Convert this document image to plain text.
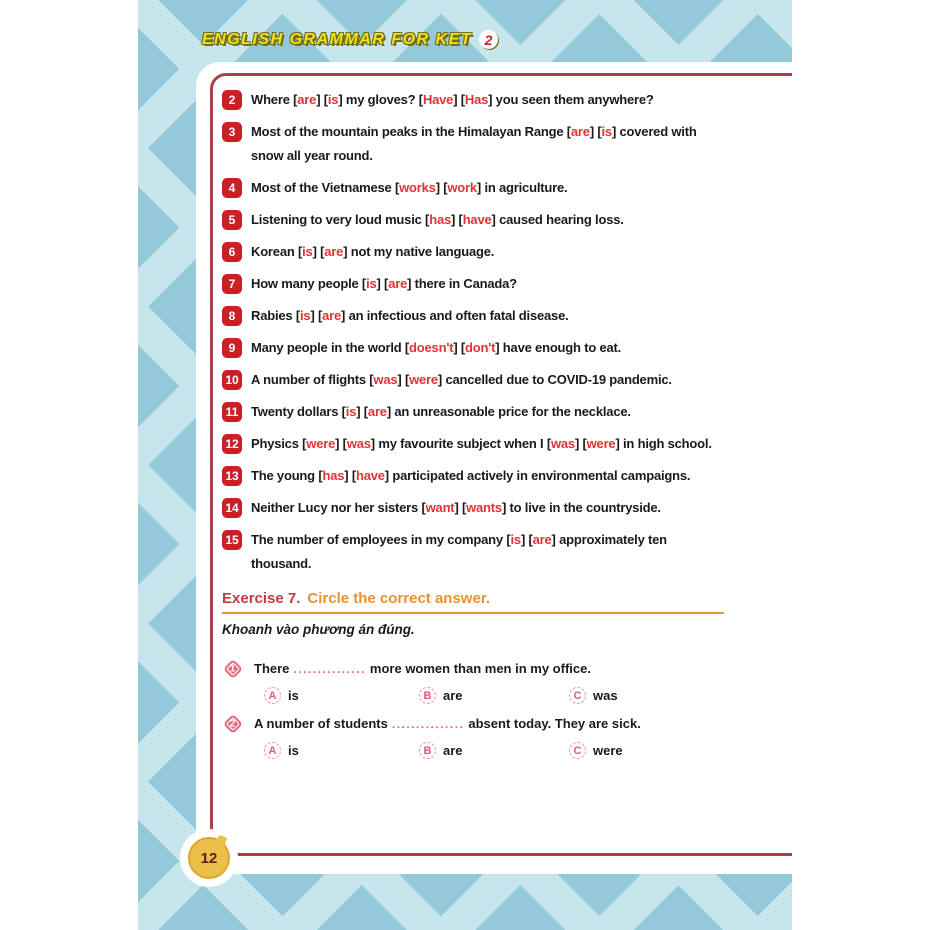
ENGLISH GRAMMAR FOR KET 2
2	Where [are] [is] my gloves? [Have] [Has] you seen them anywhere?
3	Most of the mountain peaks in the Himalayan Range [are] [is] covered with snow all year round.
4	Most of the Vietnamese [works] [work] in agriculture.
5	Listening to very loud music [has] [have] caused hearing loss.
6	Korean [is] [are] not my native language.
7	How many people [is] [are] there in Canada?
8	Rabies [is] [are] an infectious and often fatal disease.
9	Many people in the world [doesn't] [don't] have enough to eat.
10 A number of flights [was] [were] cancelled due to COVID-19 pandemic.
11 Twenty dollars [is] [are] an unreasonable price for the necklace.
12 Physics [were] [was] my favourite subject when I [was] [were] in high school.
13 The young [has] [have] participated actively in environmental campaigns.
14 Neither Lucy nor her sisters [want] [wants] to live in the countryside.
15 The number of employees in my company [is] [are] approximately ten thousand.
Exercise 7. Circle the correct answer.
Khoanh vào phương án đúng.
1 There ............... more women than men in my office.
A is	B are	C was
2 A number of students ............... absent today. They are sick.
A is	B are	C were
12
